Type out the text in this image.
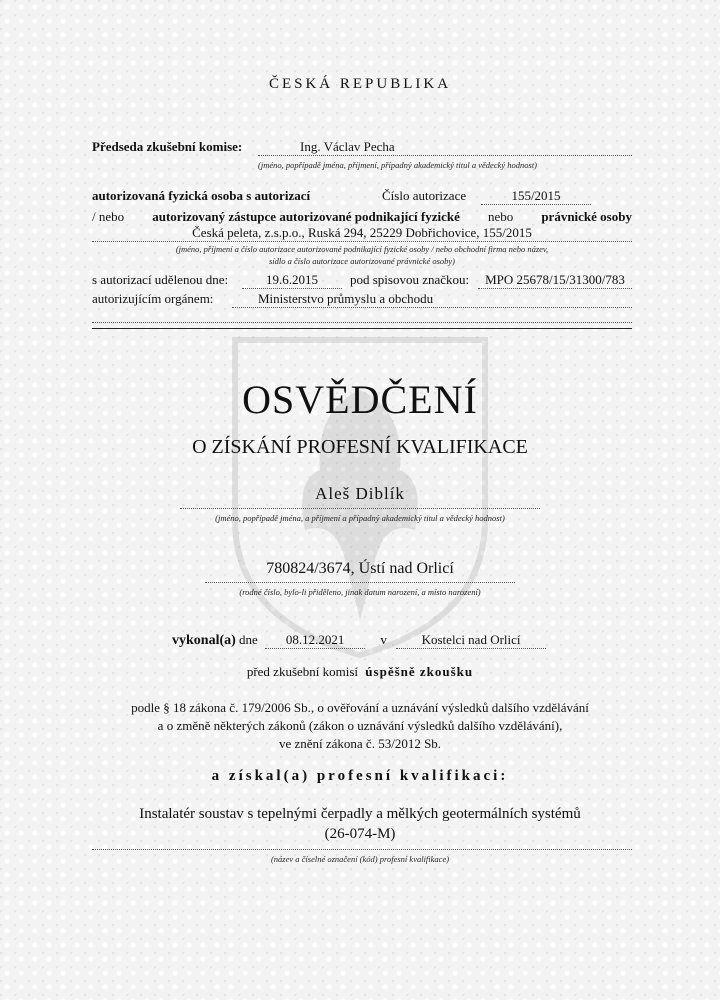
ČESKÁ REPUBLIKA
Předseda zkušební komise:	Ing. Václav Pecha
(jméno, popřípadě jména, příjmení, případný akademický titul a vědecký hodnost)
autorizovaná fyzická osoba s autorizací	Číslo autorizace	155/2015
/ nebo autorizovaný zástupce autorizované podnikající fyzické nebo právnické osoby
Česká peleta, z.s.p.o., Ruská 294, 25229 Dobřichovice, 155/2015
(jméno, příjmení a číslo autorizace autorizované podnikající fyzické osoby / nebo obchodní firma nebo název,
sídlo a číslo autorizace autorizované právnické osoby)
s autorizací udělenou dne:	19.6.2015	pod spisovou značkou:	MPO 25678/15/31300/783
autorizujícím orgánem:	Ministerstvo průmyslu a obchodu
OSVĚDČENÍ
O ZÍSKÁNÍ PROFESNÍ KVALIFIKACE
Aleš Diblík
(jméno, popřípadě jména, a příjmení a případný akademický titul a vědecký hodnost)
780824/3674, Ústí nad Orlicí
(rodné číslo, bylo-li přiděleno, jinak datum narození, a místo narození)
vykonal(a) dne 08.12.2021	v	Kostelci nad Orlicí
před zkušební komisí úspěšně zkoušku
podle § 18 zákona č. 179/2006 Sb., o ověřování a uznávání výsledků dalšího vzdělávání
a o změně některých zákonů (zákon o uznávání výsledků dalšího vzdělávání),
ve znění zákona č. 53/2012 Sb.
a získal(a) profesní kvalifikaci:
Instalatér soustav s tepelnými čerpadly a mělkých geotermálních systémů
(26-074-M)
(název a číselné označení (kód) profesní kvalifikace)
